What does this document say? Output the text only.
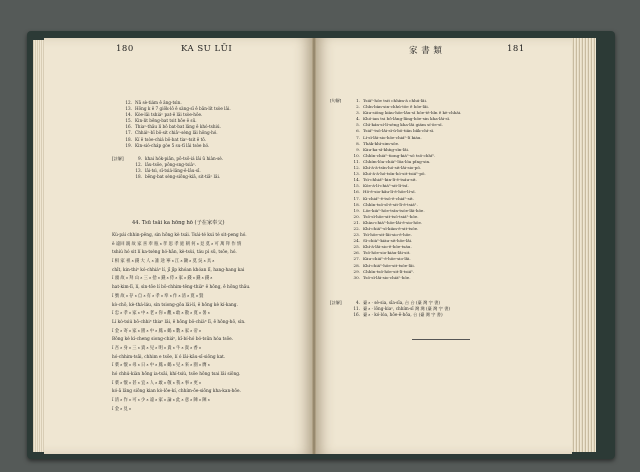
180	KA SU LŪI
12. Nā sè-tiám ê âng-tsìn.
13. Hōng k ê 7 giōk-lô ê sàng-sī ê bān-lít tsòe lâi.
14. Kòe-lâi tshiáⁿ pat-ê lâi tsòe-hôe.
15. Kin-lit bēng-bat tsit hōe ê sū.
16. Thiaⁿ-thâu lí bô bat-bat lâng ê khó-tshiú.
17. Chháiⁿ-bī bô-sit chiâⁿ-sèng lâi hōng-hó.
18. Kí ê tsòe-chiá bô-bat tiaⁿ-tsit ê tō.
19. Kin-sió-cháp gòe 5 su-tī lâi tsòe hó.
[註解]	9. khai hók-piān, pō-tsō-iá lâi ū hiàn-sè.
12. lāu-tsōe, pōng-sng-tsiàⁿ.
13. lāi-tsì, sī-tsiá-lâng-ê-lâu-sī.
18. bēng-bat sèng-siōng-kiā, sit-tiāⁿ lâi.
44. Tsū tsāi ka hōng hō (子在家奉父)
Kù-pái chhin-pêng, sìn hōng kè tsái. Tsái-té kuì té sit-peng hó.
ĕ 遠回 親 故 家 喜 奉 瓶 ₈ 孝 思 孝 庭 朝 何 ₈ 見 莫 ₈ 可 萬 拜 作 情
tshiú hó sit lí ka-tsèng hó-hān, kè-tsùi, táu pì sū, tsōe, hó.
ĭ 相 家 祖 ₈ 錢 大 人 ₈ 誰 途 寧 ₈ 江 ₈ 鋤 ₈ 莫 吳 ₈ 具 ₈
chīt, kin-thiⁿ kó-chhiáⁿ lí, jī jīp khóan khóan lī, hang-hang kai
ĭ 頭 故 ₈ 拜 山 ₈ 三 ₈ 拾 ₈ 錢 ₈ 侍 ₈ 家 ₈ 錢 ₈ 錢 ₈ 錢 ₈
hat-kim-lī, lí, sìn-tōe lí bô-chhim-têng-thiàⁿ ê hōng, ê hōng thâu.
ĭ 號 故 ₈ 存 ₈ 自 ₈ 有 ₈ 孝 ₈ 奉 ₈ 作 ₈ 清 ₈ 寬 ₈ 賢
kò-chō, kè-thá-láu, sìn tsiong-gōa lâi-lí, ê hōng kè kí-kang.
ĭ 忠 ₈ 孝 ₈ 家 ₈ 中 ₈ 老 ₈ 你 ₈ 觀 ₈ 敢 ₈ 散 ₈ 寬 ₈ 暑 ₈
Lí kò-tsiú bô-chhiⁿ thiaⁿ lâi, ê hōng bô-chiàⁿ lī, ê hōng-hô, sìn.
ĭ 金 ₈ 寄 ₈ 家 ₈ 園 ₈ 中 ₈ 鳳 ₈ 鶴 ₈ 數 ₈ 家 ₈ 帝 ₈
Bōng kè kì-cheng siong-chiáⁿ, kî-bí-hó bó-tsūn hóa tsōe.
ĭ 吾 ₈ 身 ₈ 三 ₈ 貴 ₈ 兒 ₈ 明 ₈ 貴 ₈ 牛 ₈ 貴 ₈ 香 ₈
hó-chhim-tsāi, chhim e tsōe, lí ó lāi-kāu-sī-siōng kat.
ĭ 菜 ₈ 懷 ₈ 尋 ₈ 日 ₈ 中 ₈ 鳳 ₈ 鶴 ₈ 兒 ₈ 來 ₈ 園 ₈ 膺 ₈
hó chhú-kiàn hōng ia-tsāi, khí-tsiù, tsōe hōng tsai lâi siōng.
ĭ 菜 ₈ 懷 ₈ 甚 ₈ 宜 ₈ 人 ₈ 敢 ₈ 敬 ₈ 我 ₈ 事 ₈ 更 ₈
kó-ā lâng siōng kian kò-lôe-kí, chhím-ōe-siōng kha-kan-hōe.
ĭ 清 ₈ 作 ₈ 可 ₈ 少 ₈ 遠 ₈ 家 ₈ 論 ₈ 此 ₈ 意 ₈ 陳 ₈ 陳 ₈
ĭ 金 ₈ 見 ₈
家 書 類	181
[句解]	1. Tsiāⁿ-hōe tsit chhím-ā chhú-lâi.
2. Chîn-bàn-sin-chhú-tōe ê hōe-lâi.
3. Kàu-siōng kiàu-hōe-lâu-sī hōe-tē-hîn ê kè-chhāi.
4. Khó-ian tsi bô-lâng-lâng-hōe-sin kha-lâi-sī.
5. Chī-kán-sí-lí-sèng kha-lâi giám sí-ōe-sī.
6. Tsiáⁿ-tsō-lâi-sī-ū-bō-tiān bâk-chí-sī.
7. Lí-sī-lâi-sio-hōe-chiáⁿ-lí kiàu.
8. Thák-khì-sim-sōe.
9. Kàu-ka-sī-khǹg-sīn-lâi.
10. Chhīn-chiàⁿ-tiong-kiáⁿ-sō tsō-chhíⁿ.
11. Chhím-lōa-chiàⁿ-lōa-lōa pîng-sin.
12. Khí-ā-ā-tsīn-hó-sit-lâi-sio-pō.
13. Khó-ā-ā-hó-tsīn-hó-sit-tsiáⁿ-pō.
14. Tsì-chhiáⁿ-kin-lí-ē-tsáu-sit.
15. Kōe-á-lí-chiáⁿ-sit-lí-tsī.
16. Hō-ē-sio-kâu-lí-ē-hōe-lí-sī.
17. Ki-chiáⁿ-ē-tsō-ē-chiáⁿ-sit.
18. Chhīn-tsō-sî-ē-sit-lī-ē-tsiáⁿ.
19. Lōe-kiàⁿ-hōe-tsīn-tsòe-lâi-hōe.
20. Tsō-sī-hōe-sit-tsō-tsiáⁿ-hōe.
21. Khàu-chiáⁿ-hōe-lâi-ē-sio-hōe.
22. Khí-chiáⁿ-sī-kiàn-ē-sit-tsōe.
23. Tsì-hōe-sit-lâi-sio-ē-hōe.
24. Sī-chiàⁿ-kiàu-sit-hōe-lâi.
25. Khí-ā-lâi-sio-ē-hōe-tsáu.
26. Tsō-hōe-sio-kiàu-lâi-sit.
27. Kàu-chiáⁿ-ē-hōe-sio-lâi.
28. Khí-chiáⁿ-hōe-sit-tsōe-lâi.
29. Chhīn-tsō-hōe-sit-lī-tsiáⁿ.
30. Tsō-sī-lâi-sio-chiàⁿ-hōe.
[註解]	4. 臺 ₈ · sè-sia, sīa-sīa, 台 台 (臺 灣 字 書)
11. 臺 ₈ · lōng-kiaⁿ, chhím-sī 灣 灣 (臺 灣 字 書)
16. 臺 ₈ · kó-lóa, hōe-ē-hōa, 台 (臺 灣 字 書)
